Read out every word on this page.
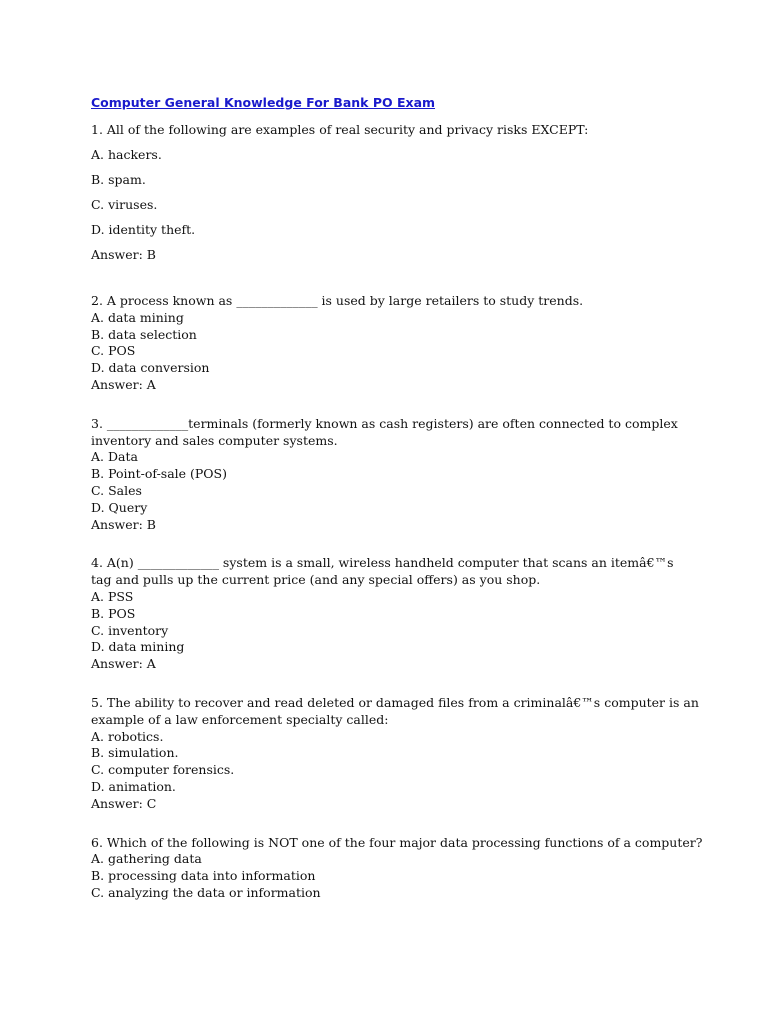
Computer General Knowledge For Bank PO Exam

1. All of the following are examples of real security and privacy risks EXCEPT:

A. hackers.

B. spam.

C. viruses.

D. identity theft.

Answer: B

2. A process known as _____________ is used by large retailers to study trends.

A. data mining

B. data selection

C. POS

D. data conversion

Answer: A

3. _____________terminals (formerly known as cash registers) are often connected to complex

inventory and sales computer systems.

A. Data

B. Point-of-sale (POS)

C. Sales

D. Query

Answer: B

4. A(n) _____________ system is a small, wireless handheld computer that scans an itemâ€™s

tag and pulls up the current price (and any special offers) as you shop.

A. PSS

B. POS

C. inventory

D. data mining

Answer: A

5. The ability to recover and read deleted or damaged files from a criminalâ€™s computer is an

example of a law enforcement specialty called:

A. robotics.

B. simulation.

C. computer forensics.

D. animation.

Answer: C

6. Which of the following is NOT one of the four major data processing functions of a computer?

A. gathering data

B. processing data into information

C. analyzing the data or information
